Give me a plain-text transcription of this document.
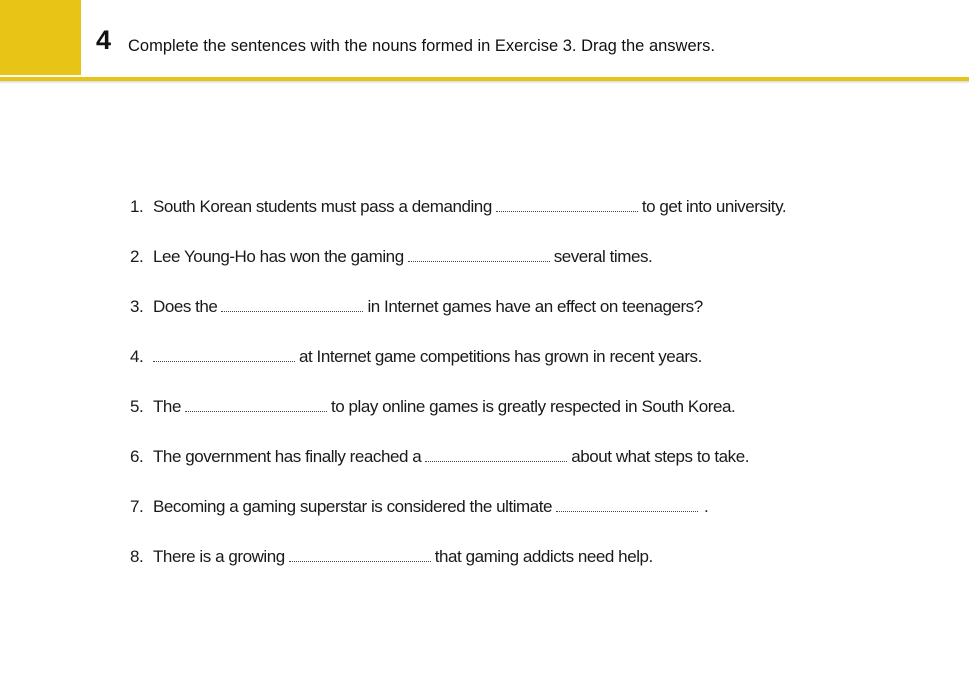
4 Complete the sentences with the nouns formed in Exercise 3. Drag the answers.
1. South Korean students must pass a demanding	to get into university.
2. Lee Young-Ho has won the gaming	several times.
3. Does the	in Internet games have an effect on teenagers?
4.	at Internet game competitions has grown in recent years.
5. The	to play online games is greatly respected in South Korea.
6. The government has finally reached a	about what steps to take.
7. Becoming a gaming superstar is considered the ultimate	.
8. There is a growing	that gaming addicts need help.
